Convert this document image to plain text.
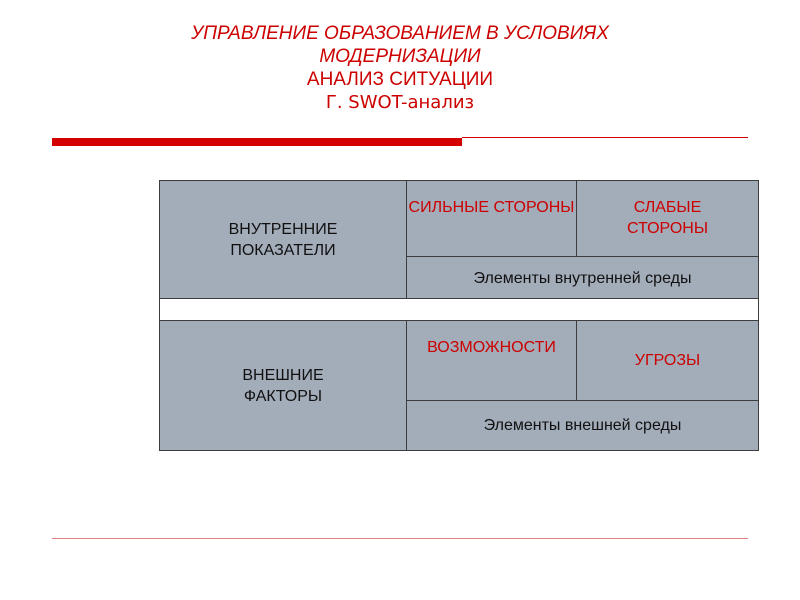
УПРАВЛЕНИЕ ОБРАЗОВАНИЕМ В УСЛОВИЯХ
МОДЕРНИЗАЦИИ
АНАЛИЗ СИТУАЦИИ
Г. SWOT-анализ
ВНУТРЕННИЕ ПОКАЗАТЕЛИ
СИЛЬНЫЕ СТОРОНЫ	СЛАБЫЕ СТОРОНЫ
Элементы внутренней среды
ВНЕШНИЕ ФАКТОРЫ
ВОЗМОЖНОСТИ
УГРОЗЫ
Элементы внешней среды
